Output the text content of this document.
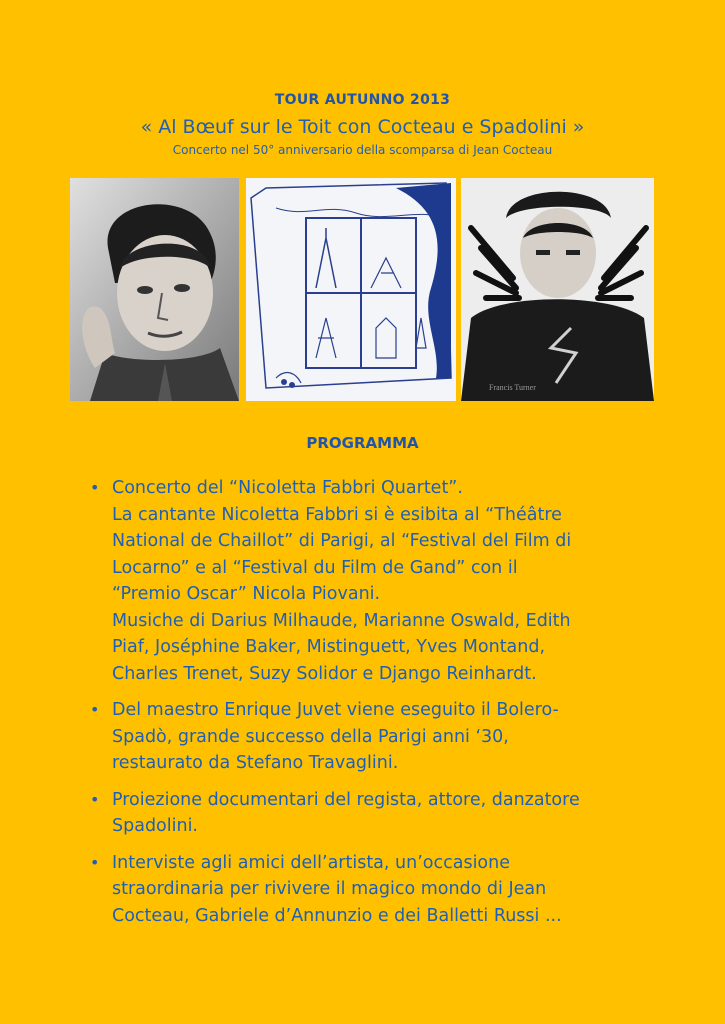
TOUR AUTUNNO 2013
« Al Bœuf sur le Toit con Cocteau e Spadolini »
Concerto nel 50° anniversario della scomparsa di Jean Cocteau
Francis Turner
PROGRAMMA
• Concerto del “Nicoletta Fabbri Quartet”.
La cantante Nicoletta Fabbri si è esibita al “Théâtre
National de Chaillot” di Parigi, al “Festival del Film di
Locarno” e al “Festival du Film de Gand” con il
“Premio Oscar” Nicola Piovani.
Musiche di Darius Milhaude, Marianne Oswald, Edith
Piaf, Joséphine Baker, Mistinguett, Yves Montand,
Charles Trenet, Suzy Solidor e Django Reinhardt.
• Del maestro Enrique Juvet viene eseguito il Bolero-
Spadò, grande successo della Parigi anni ‘30,
restaurato da Stefano Travaglini.
• Proiezione documentari del regista, attore, danzatore
Spadolini.
• Interviste agli amici dell’artista, un’occasione
straordinaria per rivivere il magico mondo di Jean
Cocteau, Gabriele d’Annunzio e dei Balletti Russi ...
